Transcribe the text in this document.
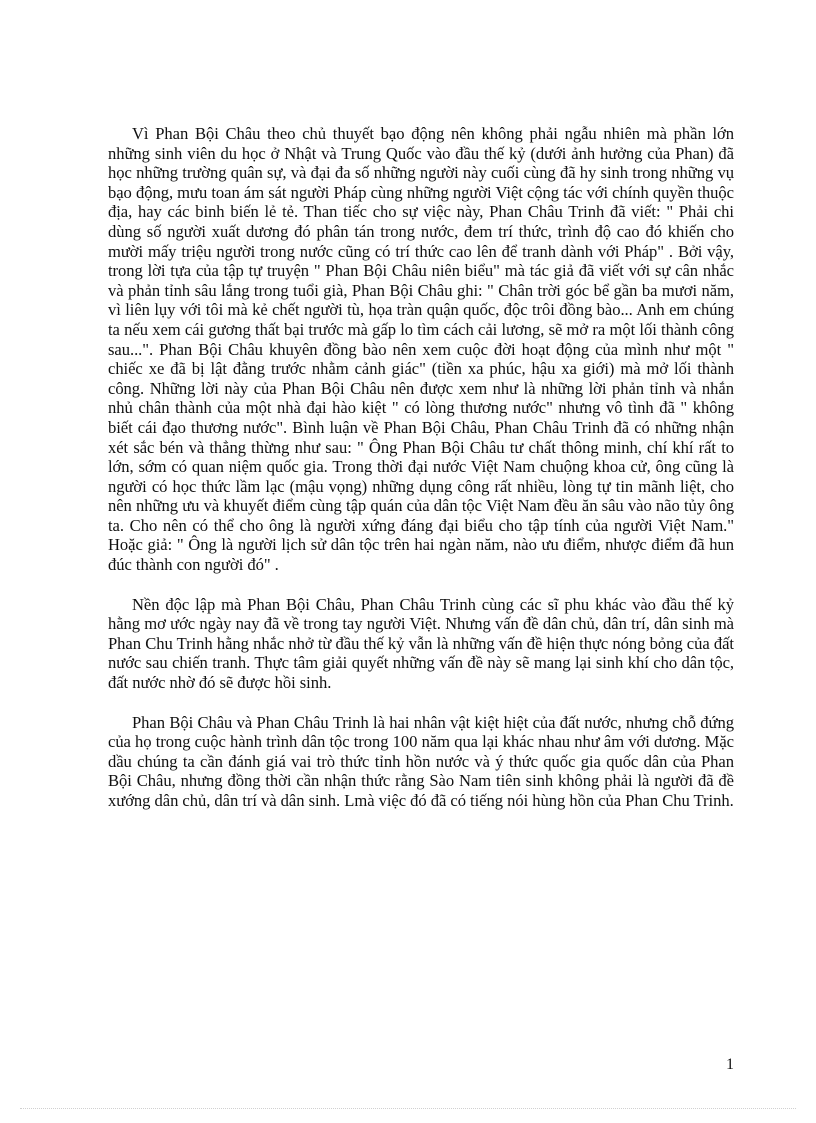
Vì Phan Bội Châu theo chủ thuyết bạo động nên không phải ngẫu nhiên mà phần lớn những sinh viên du học ở Nhật và Trung Quốc vào đầu thế kỷ (dưới ảnh hưởng của Phan) đã học những trường quân sự, và đại đa số những người này cuối cùng đã hy sinh trong những vụ bạo động, mưu toan ám sát người Pháp cùng những người Việt cộng tác với chính quyền thuộc địa, hay các binh biến lẻ tẻ. Than tiếc cho sự việc này, Phan Châu Trinh đã viết: " Phải chi dùng số người xuất dương đó phân tán trong nước, đem trí thức, trình độ cao đó khiến cho mười mấy triệu người trong nước cũng có trí thức cao lên để tranh dành với Pháp" . Bởi vậy, trong lời tựa của tập tự truyện " Phan Bội Châu niên biểu" mà tác giả đã viết với sự cân nhắc và phản tỉnh sâu lắng trong tuổi già, Phan Bội Châu ghi: " Chân trời góc bể gần ba mươi năm, vì liên lụy với tôi mà kẻ chết người tù, họa tràn quận quốc, độc trôi đồng bào... Anh em chúng ta nếu xem cái gương thất bại trước mà gấp lo tìm cách cải lương, sẽ mở ra một lối thành công sau...". Phan Bội Châu khuyên đồng bào nên xem cuộc đời hoạt động của mình như một " chiếc xe đã bị lật đằng trước nhằm cảnh giác" (tiền xa phúc, hậu xa giới) mà mở lối thành công. Những lời này của Phan Bội Châu nên được xem như là những lời phản tỉnh và nhắn nhủ chân thành của một nhà đại hào kiệt " có lòng thương nước" nhưng vô tình đã " không biết cái đạo thương nước". Bình luận về Phan Bội Châu, Phan Châu Trinh đã có những nhận xét sắc bén và thẳng thừng như sau: " Ông Phan Bội Châu tư chất thông minh, chí khí rất to lớn, sớm có quan niệm quốc gia. Trong thời đại nước Việt Nam chuộng khoa cử, ông cũng là người có học thức lầm lạc (mậu vọng) những dụng công rất nhiều, lòng tự tin mãnh liệt, cho nên những ưu và khuyết điểm cùng tập quán của dân tộc Việt Nam đều ăn sâu vào não tủy ông ta. Cho nên có thể cho ông là người xứng đáng đại biểu cho tập tính của người Việt Nam." Hoặc giả: " Ông là người lịch sử dân tộc trên hai ngàn năm, nào ưu điểm, nhược điểm đã hun đúc thành con người đó" .

Nền độc lập mà Phan Bội Châu, Phan Châu Trinh cùng các sĩ phu khác vào đầu thế kỷ hằng mơ ước ngày nay đã về trong tay người Việt. Nhưng vấn đề dân chủ, dân trí, dân sinh mà Phan Chu Trinh hằng nhắc nhở từ đầu thế kỷ vẫn là những vấn đề hiện thực nóng bỏng của đất nước sau chiến tranh. Thực tâm giải quyết những vấn đề này sẽ mang lại sinh khí cho dân tộc, đất nước nhờ đó sẽ được hồi sinh.

Phan Bội Châu và Phan Châu Trinh là hai nhân vật kiệt hiệt của đất nước, nhưng chỗ đứng của họ trong cuộc hành trình dân tộc trong 100 năm qua lại khác nhau như âm với dương. Mặc dầu chúng ta cần đánh giá vai trò thức tỉnh hồn nước và ý thức quốc gia quốc dân của Phan Bội Châu, nhưng đồng thời cần nhận thức rằng Sào Nam tiên sinh không phải là người đã đề xướng dân chủ, dân trí và dân sinh. Lmà việc đó đã có tiếng nói hùng hồn của Phan Chu Trinh.

1
